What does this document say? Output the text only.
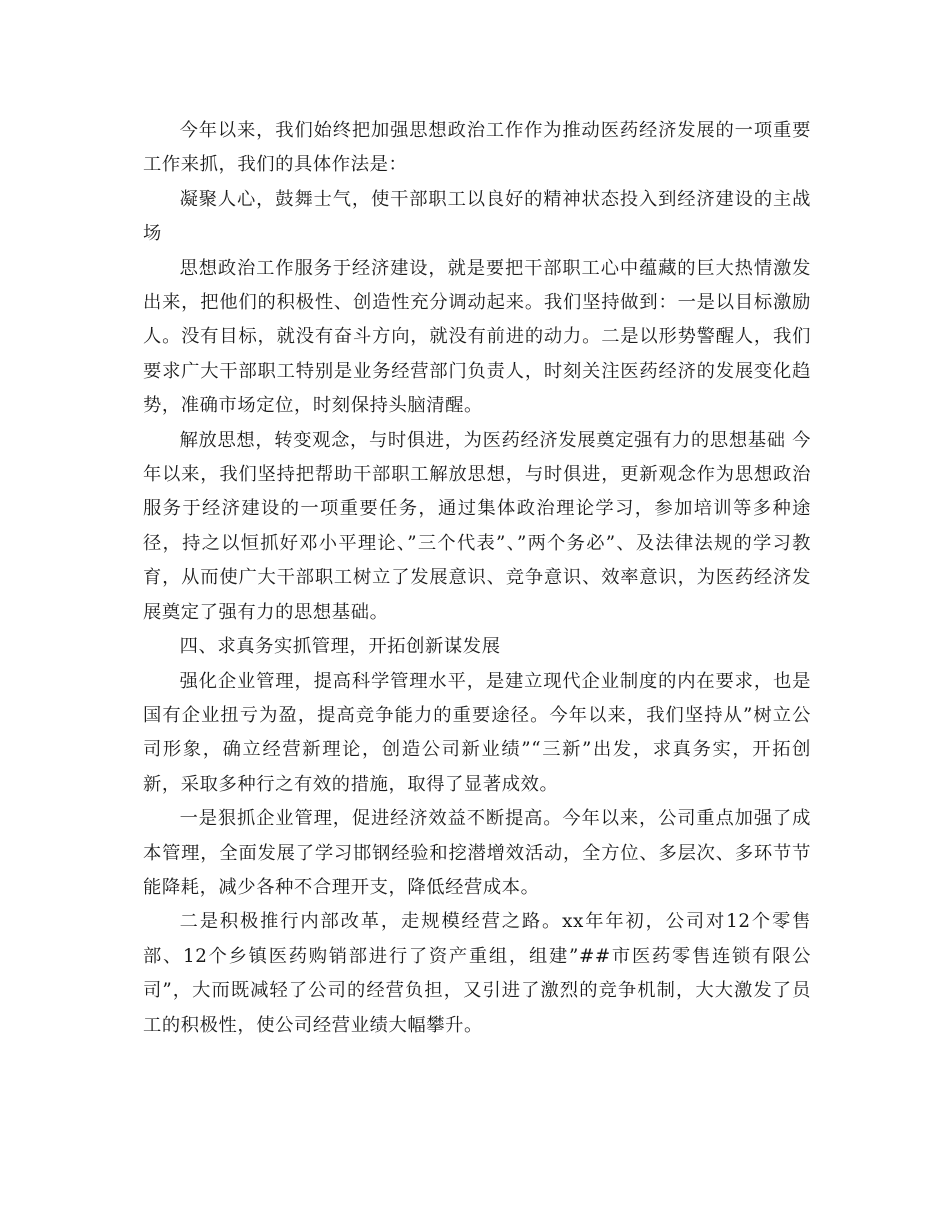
今年以来，我们始终把加强思想政治工作作为推动医药经济发展的一项重要工作来抓，我们的具体作法是：

凝聚人心，鼓舞士气，使干部职工以良好的精神状态投入到经济建设的主战场

思想政治工作服务于经济建设，就是要把干部职工心中蕴藏的巨大热情激发出来，把他们的积极性、创造性充分调动起来。我们坚持做到：一是以目标激励人。没有目标，就没有奋斗方向，就没有前进的动力。二是以形势警醒人，我们要求广大干部职工特别是业务经营部门负责人，时刻关注医药经济的发展变化趋势，准确市场定位，时刻保持头脑清醒。

解放思想，转变观念，与时俱进，为医药经济发展奠定强有力的思想基础 今年以来，我们坚持把帮助干部职工解放思想，与时俱进，更新观念作为思想政治服务于经济建设的一项重要任务，通过集体政治理论学习，参加培训等多种途径，持之以恒抓好邓小平理论、”三个代表”、”两个务必”、及法律法规的学习教育，从而使广大干部职工树立了发展意识、竞争意识、效率意识，为医药经济发展奠定了强有力的思想基础。

四、求真务实抓管理，开拓创新谋发展

强化企业管理，提高科学管理水平，是建立现代企业制度的内在要求，也是国有企业扭亏为盈，提高竞争能力的重要途径。今年以来，我们坚持从”树立公司形象，确立经营新理论，创造公司新业绩”“三新”出发，求真务实，开拓创新，采取多种行之有效的措施，取得了显著成效。

一是狠抓企业管理，促进经济效益不断提高。今年以来，公司重点加强了成本管理，全面发展了学习邯钢经验和挖潜增效活动，全方位、多层次、多环节节能降耗，减少各种不合理开支，降低经营成本。

二是积极推行内部改革，走规模经营之路。xx年年初，公司对12个零售部、12个乡镇医药购销部进行了资产重组，组建”##市医药零售连锁有限公司”，大而既减轻了公司的经营负担，又引进了激烈的竞争机制，大大激发了员工的积极性，使公司经营业绩大幅攀升。
